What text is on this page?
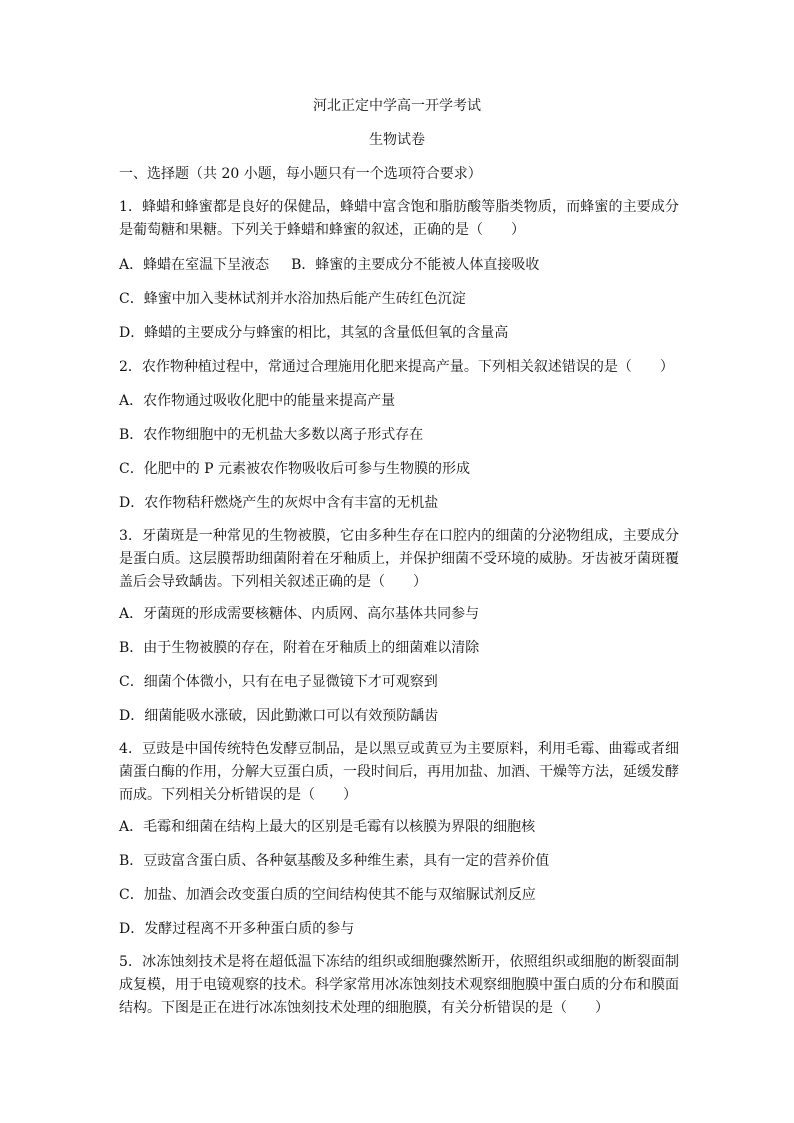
河北正定中学高一开学考试
生物试卷
一、选择题（共 20 小题，每小题只有一个选项符合要求）
1．蜂蜡和蜂蜜都是良好的保健品，蜂蜡中富含饱和脂肪酸等脂类物质，而蜂蜜的主要成分是葡萄糖和果糖。下列关于蜂蜡和蜂蜜的叙述，正确的是（　　）
A．蜂蜡在室温下呈液态 B．蜂蜜的主要成分不能被人体直接吸收
C．蜂蜜中加入斐林试剂并水浴加热后能产生砖红色沉淀
D．蜂蜡的主要成分与蜂蜜的相比，其氢的含量低但氧的含量高
2．农作物种植过程中，常通过合理施用化肥来提高产量。下列相关叙述错误的是（　　）
A．农作物通过吸收化肥中的能量来提高产量
B．农作物细胞中的无机盐大多数以离子形式存在
C．化肥中的 P 元素被农作物吸收后可参与生物膜的形成
D．农作物秸秆燃烧产生的灰烬中含有丰富的无机盐
3．牙菌斑是一种常见的生物被膜，它由多种生存在口腔内的细菌的分泌物组成，主要成分是蛋白质。这层膜帮助细菌附着在牙釉质上，并保护细菌不受环境的威胁。牙齿被牙菌斑覆盖后会导致龋齿。下列相关叙述正确的是（　　）
A．牙菌斑的形成需要核糖体、内质网、高尔基体共同参与
B．由于生物被膜的存在，附着在牙釉质上的细菌难以清除
C．细菌个体微小，只有在电子显微镜下才可观察到
D．细菌能吸水涨破，因此勤漱口可以有效预防龋齿
4．豆豉是中国传统特色发酵豆制品，是以黑豆或黄豆为主要原料，利用毛霉、曲霉或者细菌蛋白酶的作用，分解大豆蛋白质，一段时间后，再用加盐、加酒、干燥等方法，延缓发酵而成。下列相关分析错误的是（　　）
A．毛霉和细菌在结构上最大的区别是毛霉有以核膜为界限的细胞核
B．豆豉富含蛋白质、各种氨基酸及多种维生素，具有一定的营养价值
C．加盐、加酒会改变蛋白质的空间结构使其不能与双缩脲试剂反应
D．发酵过程离不开多种蛋白质的参与
5．冰冻蚀刻技术是将在超低温下冻结的组织或细胞骤然断开，依照组织或细胞的断裂面制成复模，用于电镜观察的技术。科学家常用冰冻蚀刻技术观察细胞膜中蛋白质的分布和膜面结构。下图是正在进行冰冻蚀刻技术处理的细胞膜，有关分析错误的是（　　）
